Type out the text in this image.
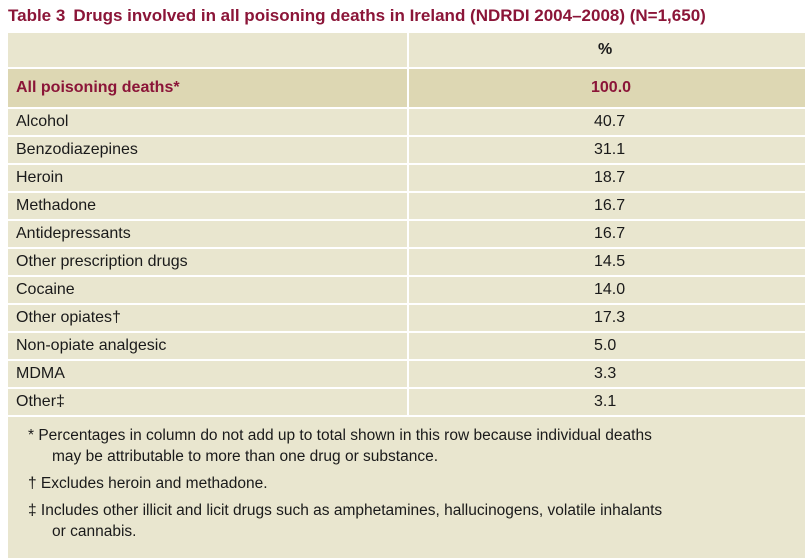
Table 3 Drugs involved in all poisoning deaths in Ireland (NDRDI 2004–2008) (N=1,650)
%
All poisoning deaths*	100.0
Alcohol	40.7
Benzodiazepines	31.1
Heroin	18.7
Methadone	16.7
Antidepressants	16.7
Other prescription drugs	14.5
Cocaine	14.0
Other opiates†	17.3
Non-opiate analgesic	5.0
MDMA	3.3
Other‡	3.1
* Percentages in column do not add up to total shown in this row because individual deaths
may be attributable to more than one drug or substance.
† Excludes heroin and methadone.
‡ Includes other illicit and licit drugs such as amphetamines, hallucinogens, volatile inhalants
or cannabis.
